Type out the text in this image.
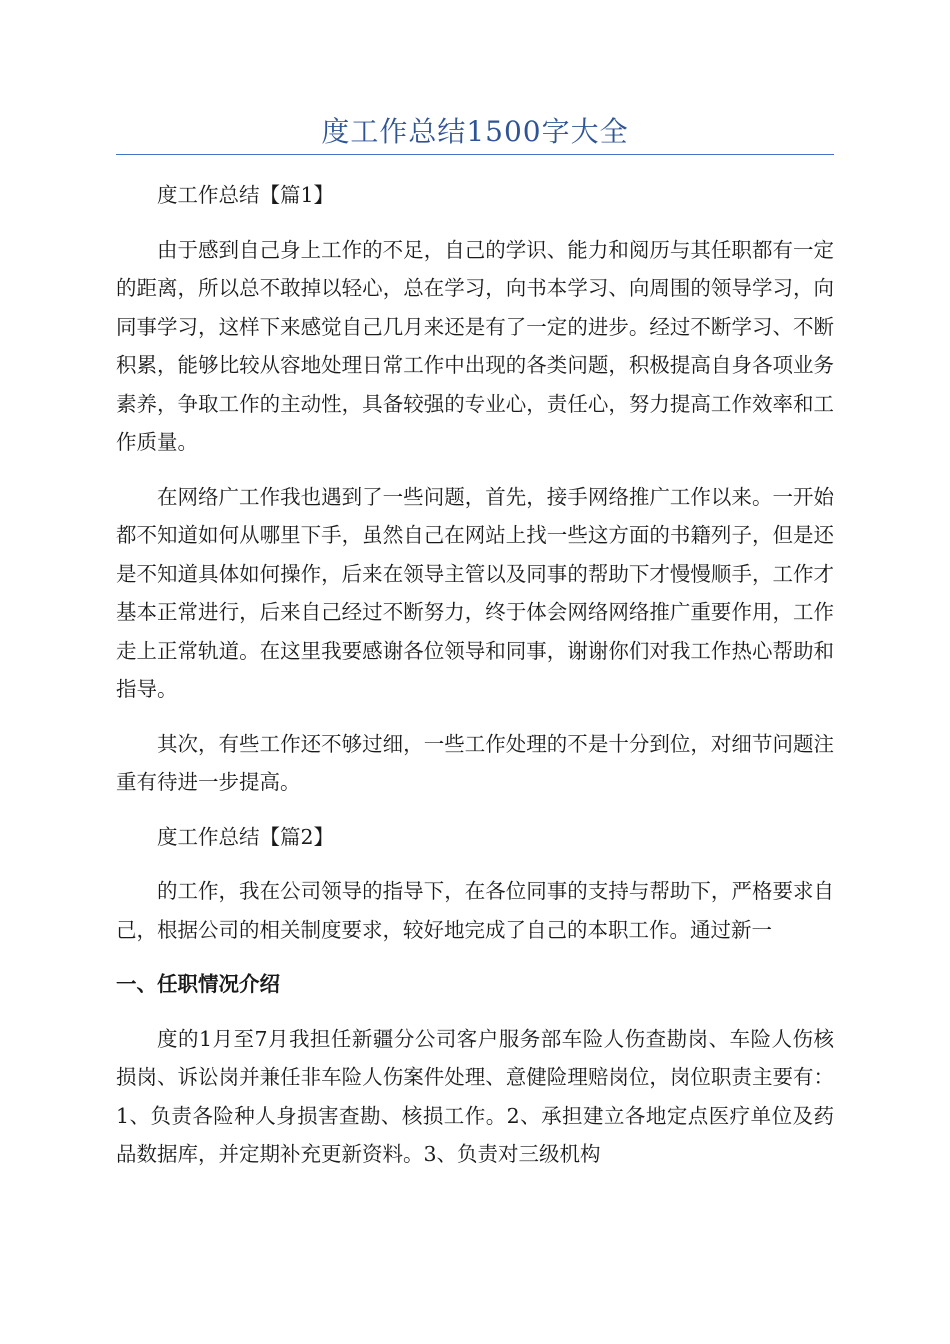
度工作总结1500字大全

度工作总结【篇1】

由于感到自己身上工作的不足，自己的学识、能力和阅历与其任职都有一定的距离，所以总不敢掉以轻心，总在学习，向书本学习、向周围的领导学习，向同事学习，这样下来感觉自己几月来还是有了一定的进步。经过不断学习、不断积累，能够比较从容地处理日常工作中出现的各类问题，积极提高自身各项业务素养，争取工作的主动性，具备较强的专业心，责任心，努力提高工作效率和工作质量。

在网络广工作我也遇到了一些问题，首先，接手网络推广工作以来。一开始都不知道如何从哪里下手，虽然自己在网站上找一些这方面的书籍列子，但是还是不知道具体如何操作，后来在领导主管以及同事的帮助下才慢慢顺手，工作才基本正常进行，后来自己经过不断努力，终于体会网络网络推广重要作用，工作走上正常轨道。在这里我要感谢各位领导和同事，谢谢你们对我工作热心帮助和指导。

其次，有些工作还不够过细，一些工作处理的不是十分到位，对细节问题注重有待进一步提高。

度工作总结【篇2】

的工作，我在公司领导的指导下，在各位同事的支持与帮助下，严格要求自己，根据公司的相关制度要求，较好地完成了自己的本职工作。通过新一

一、任职情况介绍

度的1月至7月我担任新疆分公司客户服务部车险人伤查勘岗、车险人伤核损岗、诉讼岗并兼任非车险人伤案件处理、意健险理赔岗位，岗位职责主要有：1、负责各险种人身损害查勘、核损工作。2、承担建立各地定点医疗单位及药品数据库，并定期补充更新资料。3、负责对三级机构
